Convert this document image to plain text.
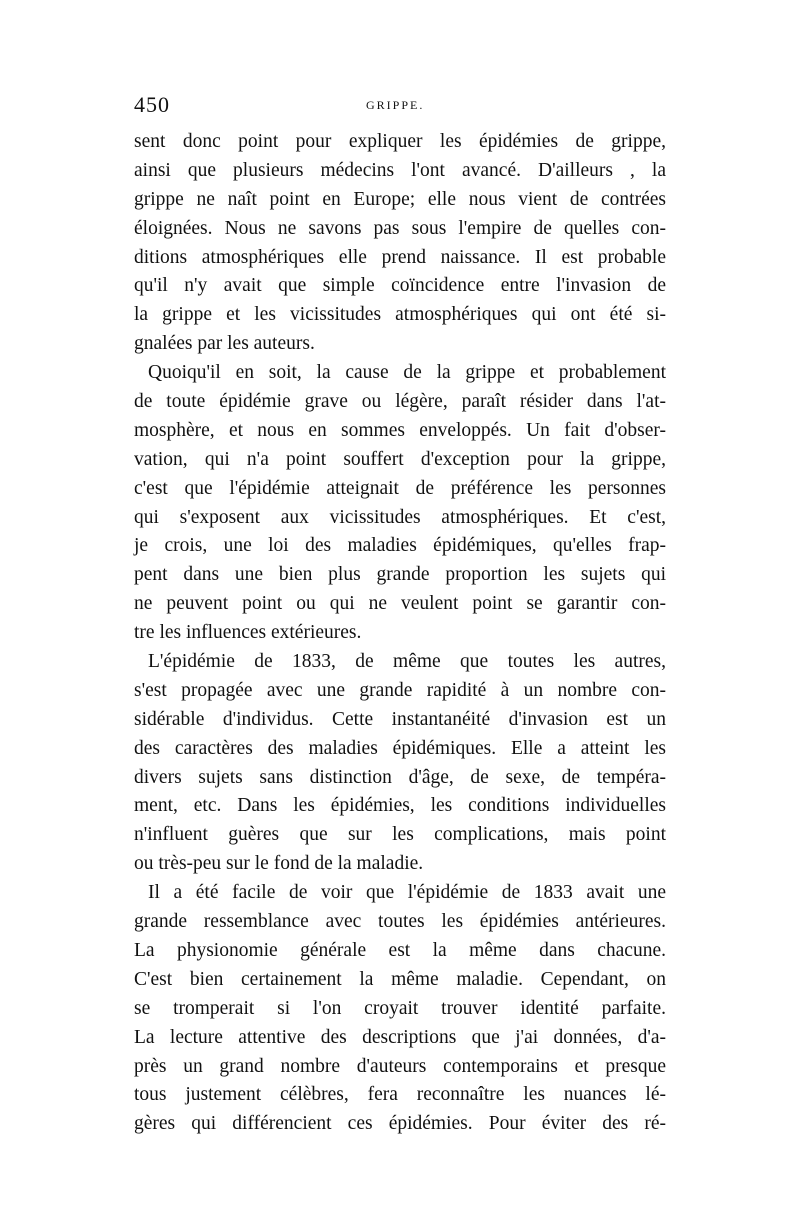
450	GRIPPE.
sent donc point pour expliquer les épidémies de grippe,
ainsi que plusieurs médecins l'ont avancé. D'ailleurs , la
grippe ne naît point en Europe; elle nous vient de contrées
éloignées. Nous ne savons pas sous l'empire de quelles con-
ditions atmosphériques elle prend naissance. Il est probable
qu'il n'y avait que simple coïncidence entre l'invasion de
la grippe et les vicissitudes atmosphériques qui ont été si-
gnalées par les auteurs.
Quoiqu'il en soit, la cause de la grippe et probablement
de toute épidémie grave ou légère, paraît résider dans l'at-
mosphère, et nous en sommes enveloppés. Un fait d'obser-
vation, qui n'a point souffert d'exception pour la grippe,
c'est que l'épidémie atteignait de préférence les personnes
qui s'exposent aux vicissitudes atmosphériques. Et c'est,
je crois, une loi des maladies épidémiques, qu'elles frap-
pent dans une bien plus grande proportion les sujets qui
ne peuvent point ou qui ne veulent point se garantir con-
tre les influences extérieures.
L'épidémie de 1833, de même que toutes les autres,
s'est propagée avec une grande rapidité à un nombre con-
sidérable d'individus. Cette instantanéité d'invasion est un
des caractères des maladies épidémiques. Elle a atteint les
divers sujets sans distinction d'âge, de sexe, de tempéra-
ment, etc. Dans les épidémies, les conditions individuelles
n'influent guères que sur les complications, mais point
ou très-peu sur le fond de la maladie.
Il a été facile de voir que l'épidémie de 1833 avait une
grande ressemblance avec toutes les épidémies antérieures.
La physionomie générale est la même dans chacune.
C'est bien certainement la même maladie. Cependant, on
se tromperait si l'on croyait trouver identité parfaite.
La lecture attentive des descriptions que j'ai données, d'a-
près un grand nombre d'auteurs contemporains et presque
tous justement célèbres, fera reconnaître les nuances lé-
gères qui différencient ces épidémies. Pour éviter des ré-
